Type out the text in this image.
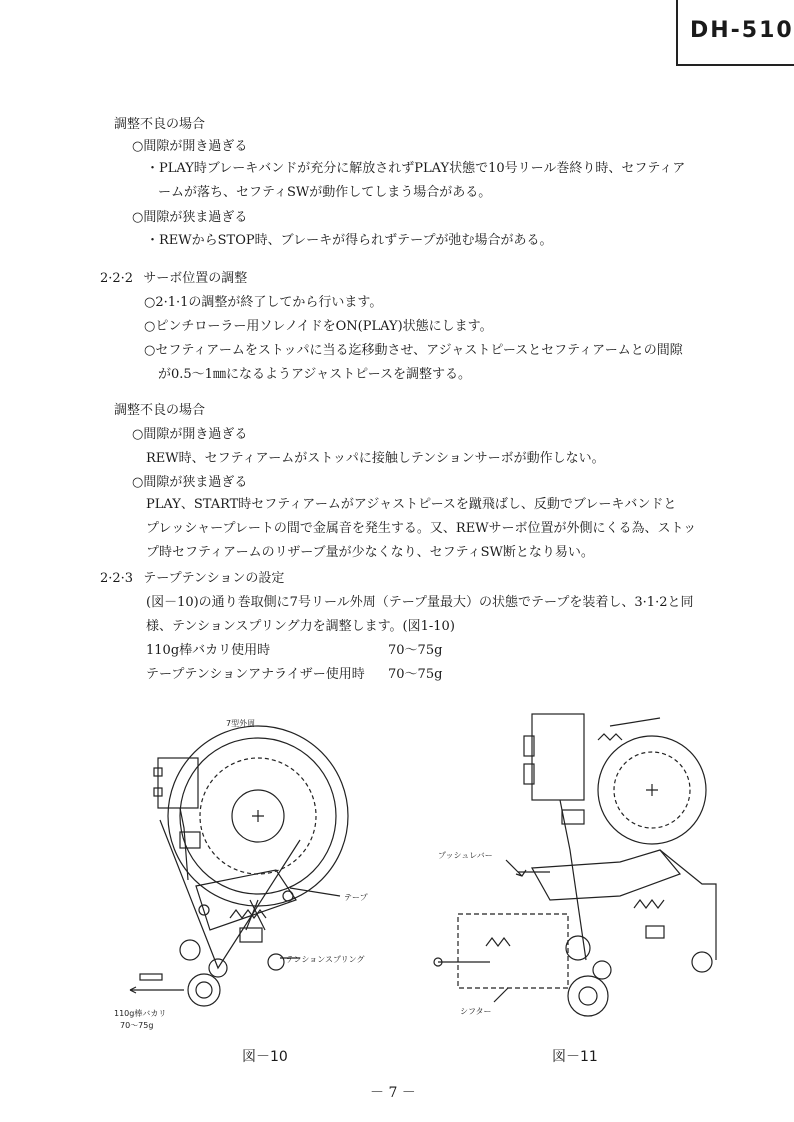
DH-510
調整不良の場合
○間隙が開き過ぎる
・PLAY時ブレーキバンドが充分に解放されずPLAY状態で10号リール巻終り時、セフティア
ームが落ち、セフティSWが動作してしまう場合がある。
○間隙が狭ま過ぎる
・REWからSTOP時、ブレーキが得られずテープが弛む場合がある。
2·2·2 サーボ位置の調整
○2·1·1の調整が終了してから行います。
○ピンチローラー用ソレノイドをON(PLAY)状態にします。
○セフティアームをストッパに当る迄移動させ、アジャストピースとセフティアームとの間隙
が0.5～1㎜になるようアジャストピースを調整する。
調整不良の場合
○間隙が開き過ぎる
REW時、セフティアームがストッパに接触しテンションサーボが動作しない。
○間隙が狭ま過ぎる
PLAY、START時セフティアームがアジャストピースを蹴飛ばし、反動でブレーキバンドと
プレッシャープレートの間で金属音を発生する。又、REWサーボ位置が外側にくる為、ストッ
プ時セフティアームのリザーブ量が少なくなり、セフティSW断となり易い。
2·2·3 テープテンションの設定
(図－10)の通り巻取側に7号リール外周（テープ量最大）の状態でテープを装着し、3·1·2と同
様、テンションスプリング力を調整します。(図1-10)
110g棒バカリ使用時	70～75g
テープテンションアナライザー使用時 70～75g
7型外周
テープ
テンションスプリング
110g棒バカリ
70～75g
図－10
プッシュレバー
シフター
図－11
－ 7 －
